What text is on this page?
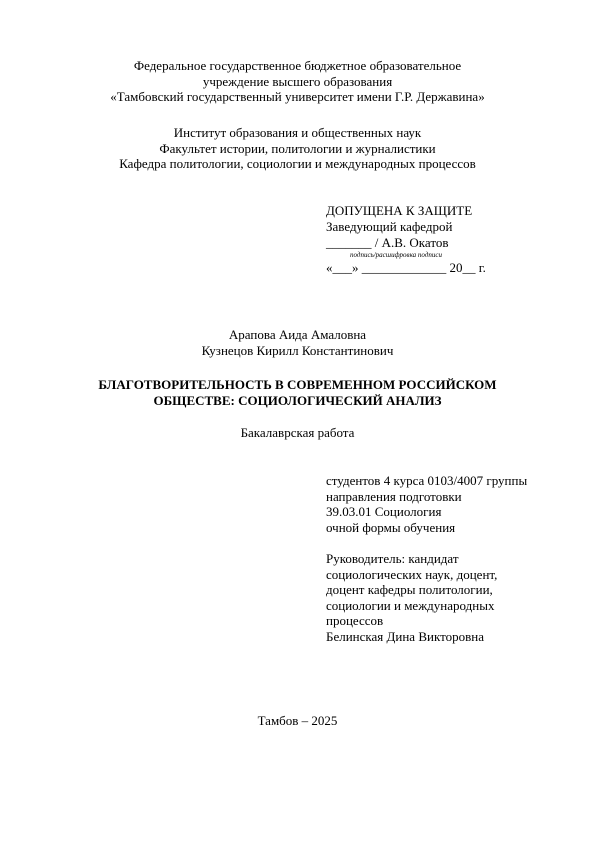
Федеральное государственное бюджетное образовательное
учреждение высшего образования
«Тамбовский государственный университет имени Г.Р. Державина»
Институт образования и общественных наук
Факультет истории, политологии и журналистики
Кафедра политологии, социологии и международных процессов
ДОПУЩЕНА К ЗАЩИТЕ
Заведующий кафедрой
_______ / А.В. Окатов
подпись/расшифровка подписи
«___» _____________ 20__ г.
Арапова Аида Амаловна
Кузнецов Кирилл Константинович
БЛАГОТВОРИТЕЛЬНОСТЬ В СОВРЕМЕННОМ РОССИЙСКОМ
ОБЩЕСТВЕ: СОЦИОЛОГИЧЕСКИЙ АНАЛИЗ
Бакалаврская работа
студентов 4 курса 0103/4007 группы
направления подготовки
39.03.01 Социология
очной формы обучения
Руководитель: кандидат
социологических наук, доцент,
доцент кафедры политологии,
социологии и международных
процессов
Белинская Дина Викторовна
Тамбов – 2025
